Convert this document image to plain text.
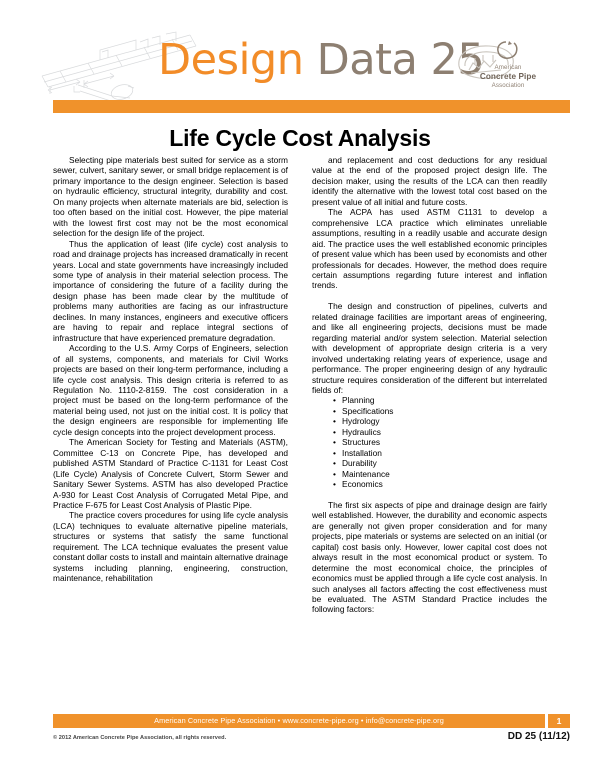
Design Data 25	American
Concrete Pipe
Association
Life Cycle Cost Analysis

Selecting pipe materials best suited for service as a storm sewer, culvert, sanitary sewer, or small bridge replacement is of primary importance to the design engineer. Selection is based on hydraulic efficiency, structural integrity, durability and cost. On many projects when alternate materials are bid, selection is too often based on the initial cost. However, the pipe material with the lowest first cost may not be the most economical selection for the design life of the project.

Thus the application of least (life cycle) cost analysis to road and drainage projects has increased dramatically in recent years. Local and state governments have increasingly included some type of analysis in their material selection process. The importance of considering the future of a facility during the design phase has been made clear by the multitude of problems many authorities are facing as our infrastructure declines. In many instances, engineers and executive officers are having to repair and replace integral sections of infrastructure that have experienced premature degradation.

According to the U.S. Army Corps of Engineers, selection of all systems, components, and materials for Civil Works projects are based on their long-term performance, including a life cycle cost analysis. This design criteria is referred to as Regulation No. 1110-2-8159. The cost consideration in a project must be based on the long-term performance of the material being used, not just on the initial cost. It is policy that the design engineers are responsible for implementing life cycle design concepts into the project development process.

The American Society for Testing and Materials (ASTM), Committee C-13 on Concrete Pipe, has developed and published ASTM Standard of Practice C-1131 for Least Cost (Life Cycle) Analysis of Concrete Culvert, Storm Sewer and Sanitary Sewer Systems. ASTM has also developed Practice A-930 for Least Cost Analysis of Corrugated Metal Pipe, and Practice F-675 for Least Cost Analysis of Plastic Pipe.

The practice covers procedures for using life cycle analysis (LCA) techniques to evaluate alternative pipeline materials, structures or systems that satisfy the same functional requirement. The LCA technique evaluates the present value constant dollar costs to install and maintain alternative drainage systems including planning, engineering, construction, maintenance, rehabilitation

and replacement and cost deductions for any residual value at the end of the proposed project design life. The decision maker, using the results of the LCA can then readily identify the alternative with the lowest total cost based on the present value of all initial and future costs.

The ACPA has used ASTM C1131 to develop a comprehensive LCA practice which eliminates unreliable assumptions, resulting in a readily usable and accurate design aid. The practice uses the well established economic principles of present value which has been used by economists and other professionals for decades. However, the method does require certain assumptions regarding future interest and inflation trends.

The design and construction of pipelines, culverts and related drainage facilities are important areas of engineering, and like all engineering projects, decisions must be made regarding material and/or system selection. Material selection with development of appropriate design criteria is a very involved undertaking relating years of experience, usage and performance. The proper engineering design of any hydraulic structure requires consideration of the different but interrelated fields of:

• Planning
• Specifications
• Hydrology
• Hydraulics
• Structures
• Installation
• Durability
• Maintenance
• Economics

The first six aspects of pipe and drainage design are fairly well established. However, the durability and economic aspects are generally not given proper consideration and for many projects, pipe materials or systems are selected on an initial (or capital) cost basis only. However, lower capital cost does not always result in the most economical product or system. To determine the most economical choice, the principles of economics must be applied through a life cycle cost analysis. In such analyses all factors affecting the cost effectiveness must be evaluated. The ASTM Standard Practice includes the following factors:

American Concrete Pipe Association • www.concrete-pipe.org • info@concrete-pipe.org	1
© 2012 American Concrete Pipe Association, all rights reserved.	DD 25 (11/12)
